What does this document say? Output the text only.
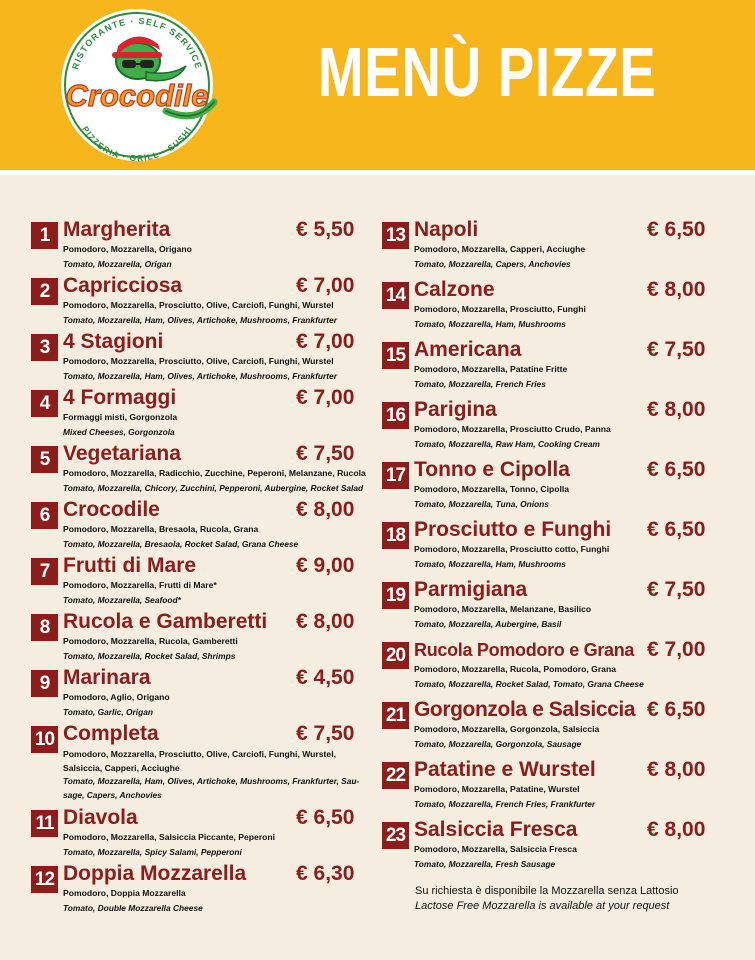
RISTORANTE · SELF SERVICE
PIZZERIA · GRILL · SUSHI
Crocodile MENÙ PIZZE
1 Margherita	€ 5,50
Pomodoro, Mozzarella, Origano
Tomato, Mozzarella, Origan
2 Capricciosa	€ 7,00
Pomodoro, Mozzarella, Prosciutto, Olive, Carciofi, Funghi, Wurstel
Tomato, Mozzarella, Ham, Olives, Artichoke, Mushrooms, Frankfurter
3 4 Stagioni	€ 7,00
Pomodoro, Mozzarella, Prosciutto, Olive, Carciofi, Funghi, Wurstel
Tomato, Mozzarella, Ham, Olives, Artichoke, Mushrooms, Frankfurter
4 4 Formaggi	€ 7,00
Formaggi misti, Gorgonzola
Mixed Cheeses, Gorgonzola
5 Vegetariana	€ 7,50
Pomodoro, Mozzarella, Radicchio, Zucchine, Peperoni, Melanzane, Rucola
Tomato, Mozzarella, Chicory, Zucchini, Pepperoni, Aubergine, Rocket Salad
6 Crocodile	€ 8,00
Pomodoro, Mozzarella, Bresaola, Rucola, Grana
Tomato, Mozzarella, Bresaola, Rocket Salad, Grana Cheese
7 Frutti di Mare	€ 9,00
Pomodoro, Mozzarella, Frutti di Mare*
Tomato, Mozzarella, Seafood*
8 Rucola e Gamberetti € 8,00
Pomodoro, Mozzarella, Rucola, Gamberetti
Tomato, Mozzarella, Rocket Salad, Shrimps
9 Marinara	€ 4,50
Pomodoro, Aglio, Origano
Tomato, Garlic, Origan
10 Completa	€ 7,50
Pomodoro, Mozzarella, Prosciutto, Olive, Carciofi, Funghi, Wurstel, Salsiccia, Capperi, Acciughe
Tomato, Mozzarella, Ham, Olives, Artichoke, Mushrooms, Frankfurter, Sau-sage, Capers, Anchovies
11 Diavola	€ 6,50
Pomodoro, Mozzarella, Salsiccia Piccante, Peperoni
Tomato, Mozzarella, Spicy Salami, Pepperoni
12 Doppia Mozzarella € 6,30
Pomodoro, Doppia Mozzarella
Tomato, Double Mozzarella Cheese
13 Napoli	€ 6,50
Pomodoro, Mozzarella, Capperi, Acciughe
Tomato, Mozzarella, Capers, Anchovies
14 Calzone	€ 8,00
Pomodoro, Mozzarella, Prosciutto, Funghi
Tomato, Mozzarella, Ham, Mushrooms
15 Americana	€ 7,50
Pomodoro, Mozzarella, Patatine Fritte
Tomato, Mozzarella, French Fries
16 Parigina	€ 8,00
Pomodoro, Mozzarella, Prosciutto Crudo, Panna
Tomato, Mozzarella, Raw Ham, Cooking Cream
17 Tonno e Cipolla	€ 6,50
Pomodoro, Mozzarella, Tonno, Cipolla
Tomato, Mozzarella, Tuna, Onions
18 Prosciutto e Funghi € 6,50
Pomodoro, Mozzarella, Prosciutto cotto, Funghi
Tomato, Mozzarella, Ham, Mushrooms
19 Parmigiana	€ 7,50
Pomodoro, Mozzarella, Melanzane, Basilico
Tomato, Mozzarella, Aubergine, Basil
20 Rucola Pomodoro e Grana € 7,00
Pomodoro, Mozzarella, Rucola, Pomodoro, Grana
Tomato, Mozzarella, Rocket Salad, Tomato, Grana Cheese
21 Gorgonzola e Salsiccia € 6,50
Pomodoro, Mozzarella, Gorgonzola, Salsiccia
Tomato, Mozzarella, Gorgonzola, Sausage
22 Patatine e Wurstel € 8,00
Pomodoro, Mozzarella, Patatine, Wurstel
Tomato, Mozzarella, French Fries, Frankfurter
23 Salsiccia Fresca	€ 8,00
Pomodoro, Mozzarella, Salsiccia Fresca
Tomato, Mozzarella, Fresh Sausage
Su richiesta è disponibile la Mozzarella senza Lattosio
Lactose Free Mozzarella is available at your request
